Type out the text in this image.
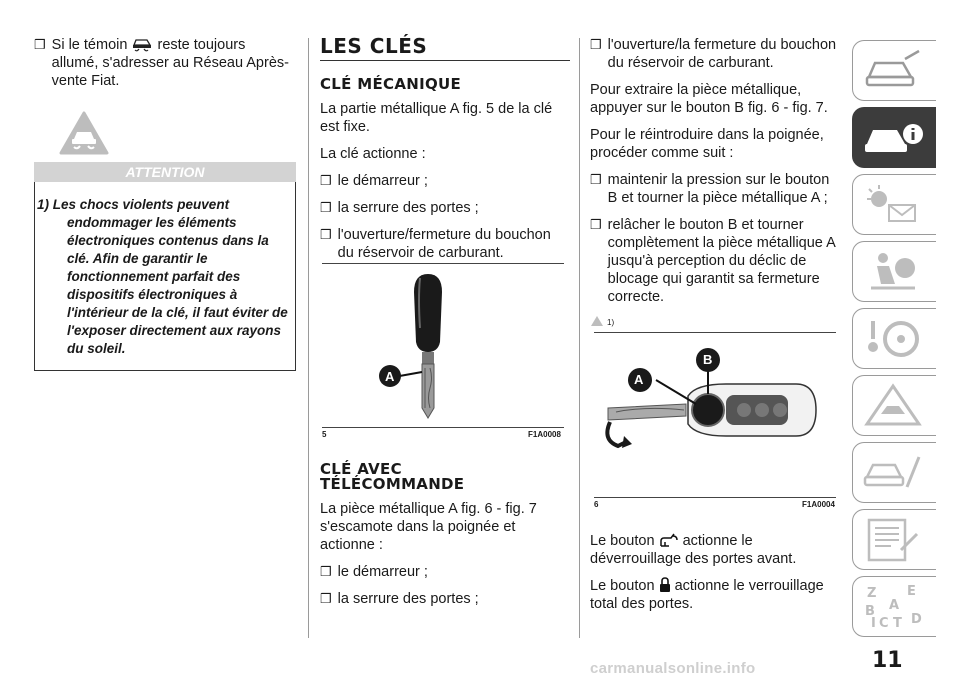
❒ Si le témoin reste toujours allumé, s'adresser au Réseau Après-vente Fiat.

ATTENTION

1) Les chocs violents peuvent endommager les éléments électroniques contenus dans la clé. Afin de garantir le fonctionnement parfait des dispositifs électroniques à l'intérieur de la clé, il faut éviter de l'exposer directement aux rayons du soleil.

LES CLÉS
CLÉ MÉCANIQUE

La partie métallique A fig. 5 de la clé est fixe.

La clé actionne :

❒ le démarreur ;

❒ la serrure des portes ;

❒ l'ouverture/fermeture du bouchon du réservoir de carburant.

A
5	F1A0008
CLÉ AVEC
TÉLÉCOMMANDE

La pièce métallique A fig. 6 - fig. 7 s'escamote dans la poignée et actionne :

❒ le démarreur ;

❒ la serrure des portes ;

❒ l'ouverture/la fermeture du bouchon du réservoir de carburant.

Pour extraire la pièce métallique, appuyer sur le bouton B fig. 6 - fig. 7.

Pour le réintroduire dans la poignée, procéder comme suit :

❒ maintenir la pression sur le bouton B et tourner la pièce métallique A ;

❒ relâcher le bouton B et tourner complètement la pièce métallique A jusqu'à perception du déclic de blocage qui garantit sa fermeture correcte.

1)
A
B
6	F1A0004

Le bouton actionne le déverrouillage des portes avant.

Le bouton actionne le verrouillage total des portes.

Z E
B A
I C T D
11
carmanualsonline.info
